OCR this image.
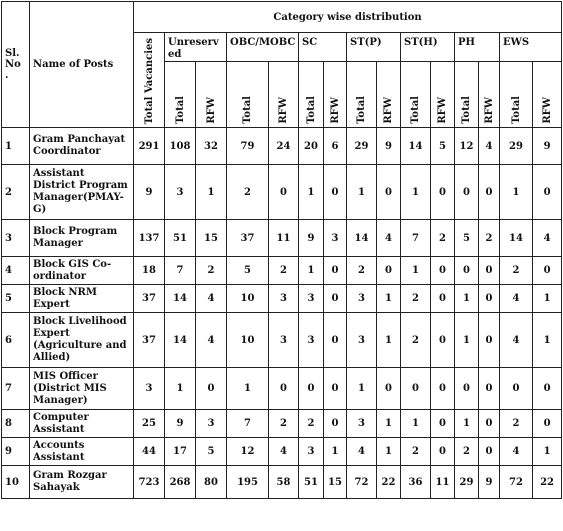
Sl. No .	Name of Posts	Category wise distribution														
		Total Vacancies	Unreserv ed		OBC/MOBC		SC		ST(P)		ST(H)		PH		EWS	
			Total	RFW	Total	RFW	Total	RFW	Total	RFW	Total	RFW	Total	RFW	Total	RFW
1	Gram Panchayat Coordinator	291	108	32	79	24	20	6	29	9	14	5	12	4	29	9
2	Assistant District Program Manager(PMAY-G)	9	3	1	2	0	1	0	1	0	1	0	0	0	1	0
3	Block Program Manager	137	51	15	37	11	9	3	14	4	7	2	5	2	14	4
4	Block GIS Co-ordinator	18	7	2	5	2	1	0	2	0	1	0	0	0	2	0
5	Block NRM Expert	37	14	4	10	3	3	0	3	1	2	0	1	0	4	1
6	Block Livelihood Expert (Agriculture and Allied)	37	14	4	10	3	3	0	3	1	2	0	1	0	4	1
7	MIS Officer (District MIS Manager)	3	1	0	1	0	0	0	1	0	0	0	0	0	0	0
8	Computer Assistant	25	9	3	7	2	2	0	3	1	1	0	1	0	2	0
9	Accounts Assistant	44	17	5	12	4	3	1	4	1	2	0	2	0	4	1
10	Gram Rozgar Sahayak	723	268	80	195	58	51	15	72	22	36	11	29	9	72	22
